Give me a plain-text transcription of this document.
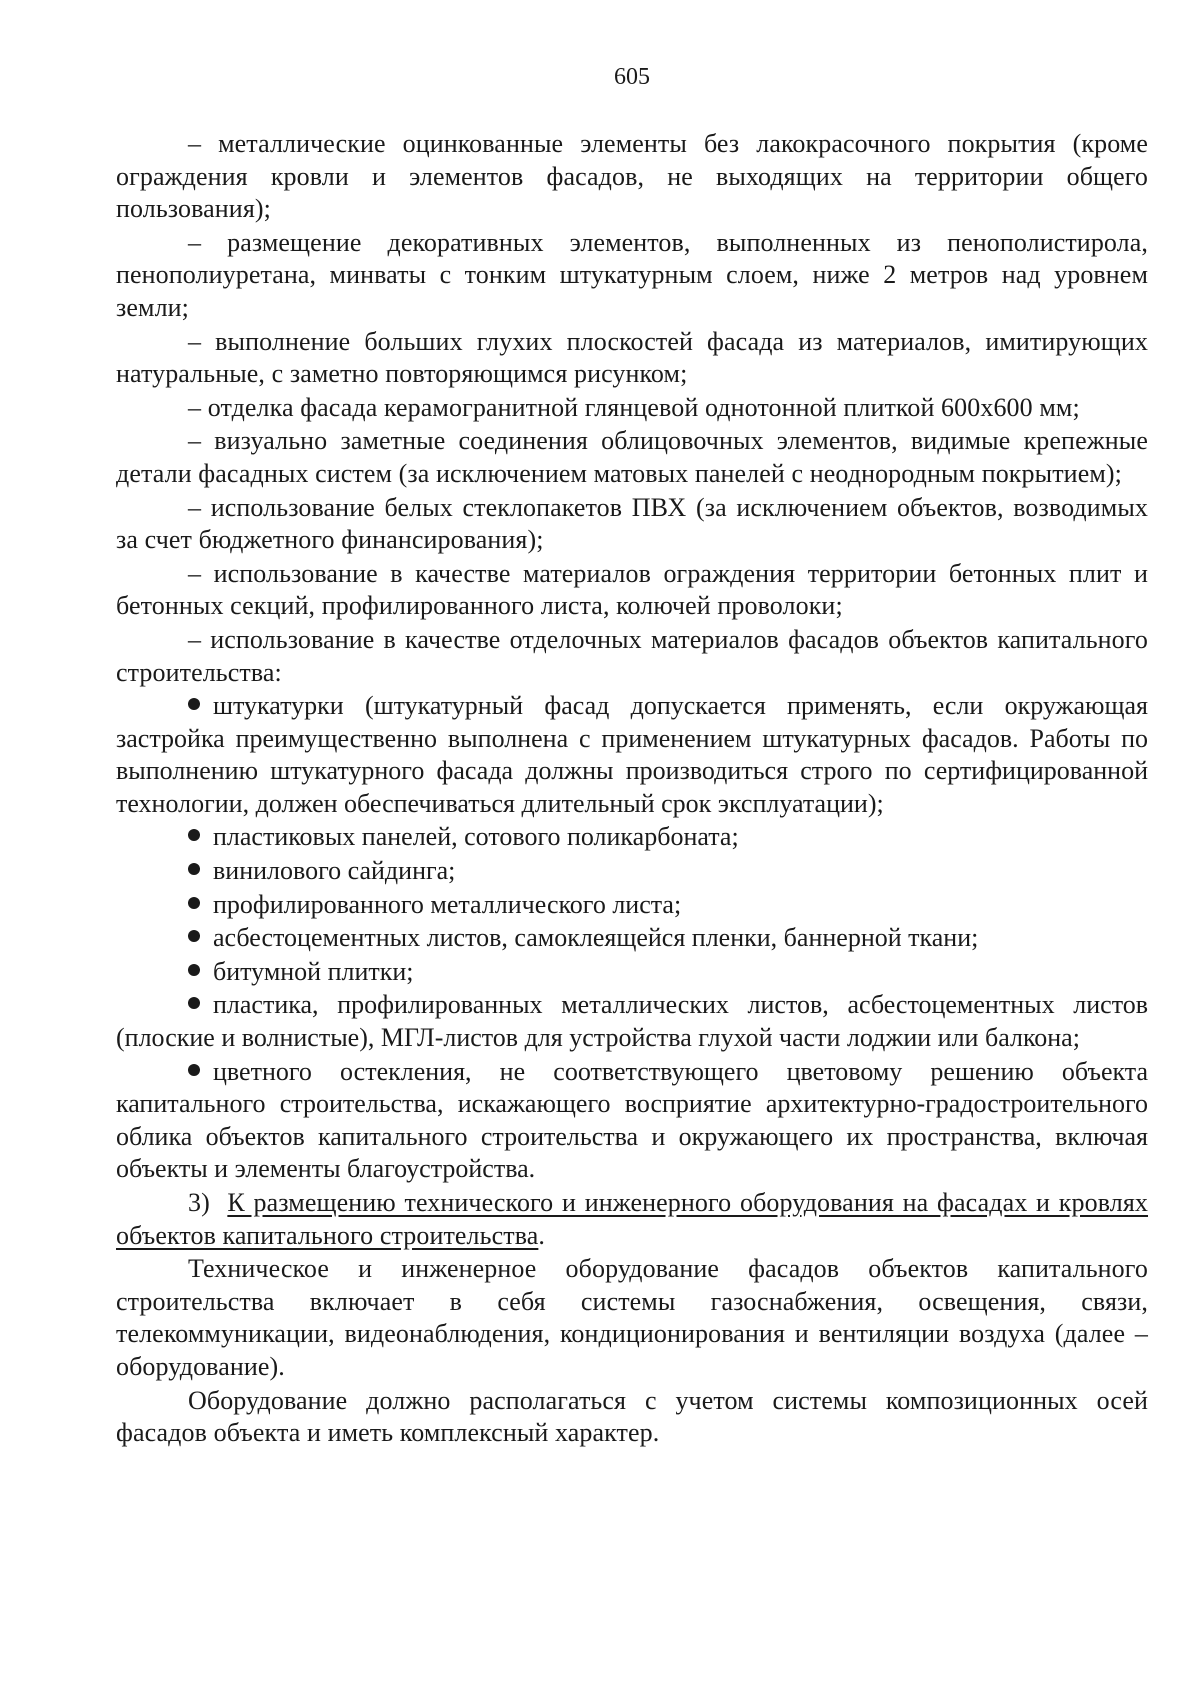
605

– металлические оцинкованные элементы без лакокрасочного покрытия (кроме ограждения кровли и элементов фасадов, не выходящих на территории общего пользования);

– размещение декоративных элементов, выполненных из пенополистирола, пенополиуретана, минваты с тонким штукатурным слоем, ниже 2 метров над уровнем земли;

– выполнение больших глухих плоскостей фасада из материалов, имитирующих натуральные, с заметно повторяющимся рисунком;

– отделка фасада керамогранитной глянцевой однотонной плиткой 600x600 мм;

– визуально заметные соединения облицовочных элементов, видимые крепежные детали фасадных систем (за исключением матовых панелей с неоднородным покрытием);

– использование белых стеклопакетов ПВХ (за исключением объектов, возводимых за счет бюджетного финансирования);

– использование в качестве материалов ограждения территории бетонных плит и бетонных секций, профилированного листа, колючей проволоки;

– использование в качестве отделочных материалов фасадов объектов капитального строительства:

штукатурки (штукатурный фасад допускается применять, если окружающая застройка преимущественно выполнена с применением штукатурных фасадов. Работы по выполнению штукатурного фасада должны производиться строго по сертифицированной технологии, должен обеспечиваться длительный срок эксплуатации);

пластиковых панелей, сотового поликарбоната;

винилового сайдинга;

профилированного металлического листа;

асбестоцементных листов, самоклеящейся пленки, баннерной ткани;

битумной плитки;

пластика, профилированных металлических листов, асбестоцементных листов (плоские и волнистые), МГЛ-листов для устройства глухой части лоджии или балкона;

цветного остекления, не соответствующего цветовому решению объекта капитального строительства, искажающего восприятие архитектурно-градостроительного облика объектов капитального строительства и окружающего их пространства, включая объекты и элементы благоустройства.

3) К размещению технического и инженерного оборудования на фасадах и кровлях объектов капитального строительства.

Техническое и инженерное оборудование фасадов объектов капитального строительства включает в себя системы газоснабжения, освещения, связи, телекоммуникации, видеонаблюдения, кондиционирования и вентиляции воздуха (далее – оборудование).

Оборудование должно располагаться с учетом системы композиционных осей фасадов объекта и иметь комплексный характер.
